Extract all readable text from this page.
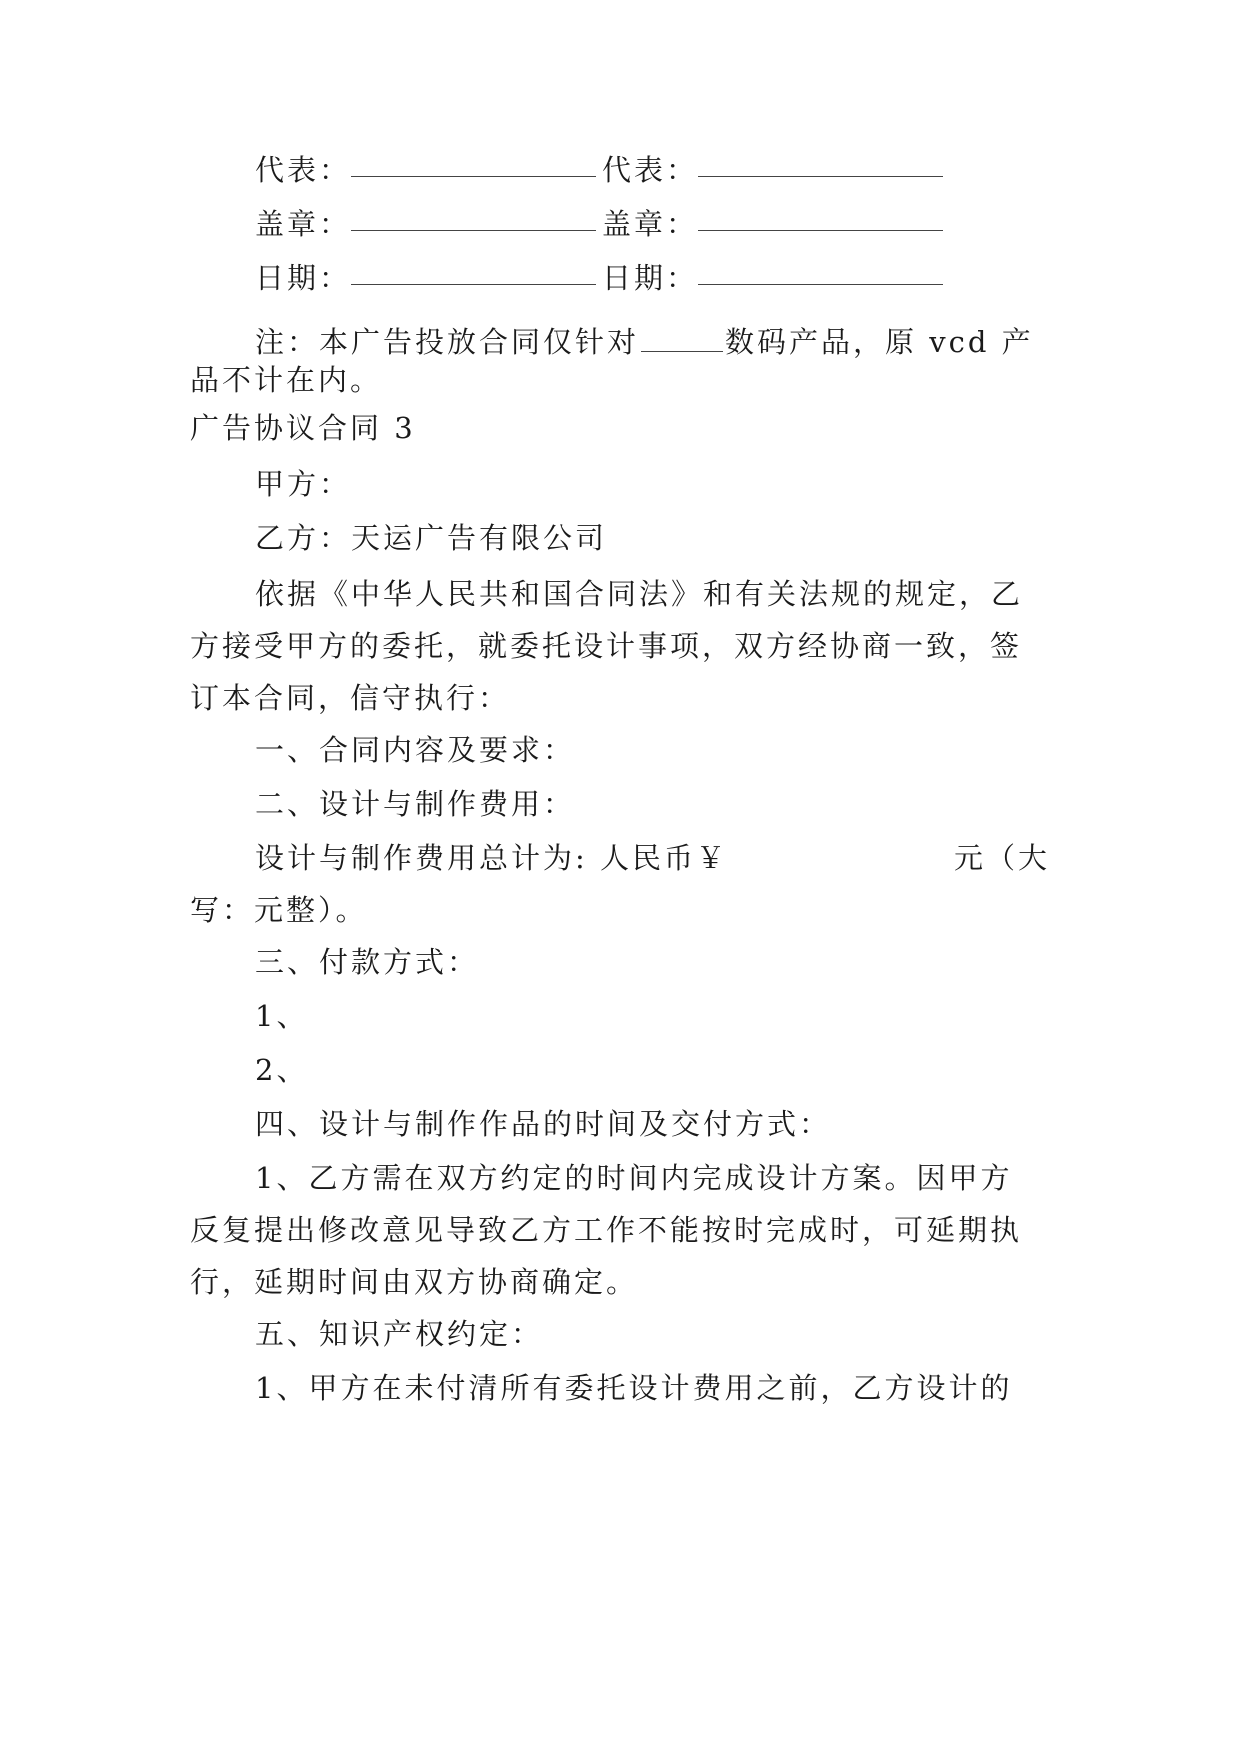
代表：	代表：
盖章：	盖章：
日期：	日期：
注：本广告投放合同仅针对	数码产品，原 vcd 产
品不计在内。
广告协议合同 3
甲方：
乙方：天运广告有限公司
依据《中华人民共和国合同法》和有关法规的规定，乙
方接受甲方的委托，就委托设计事项，双方经协商一致，签
订本合同，信守执行：
一、合同内容及要求：
二、设计与制作费用：
设计与制作费用总计为: 人民币￥	元（大
写：元整）。
三、付款方式：
1、
2、
四、设计与制作作品的时间及交付方式：
1、乙方需在双方约定的时间内完成设计方案。因甲方
反复提出修改意见导致乙方工作不能按时完成时，可延期执
行，延期时间由双方协商确定。
五、知识产权约定：
1、甲方在未付清所有委托设计费用之前，乙方设计的
